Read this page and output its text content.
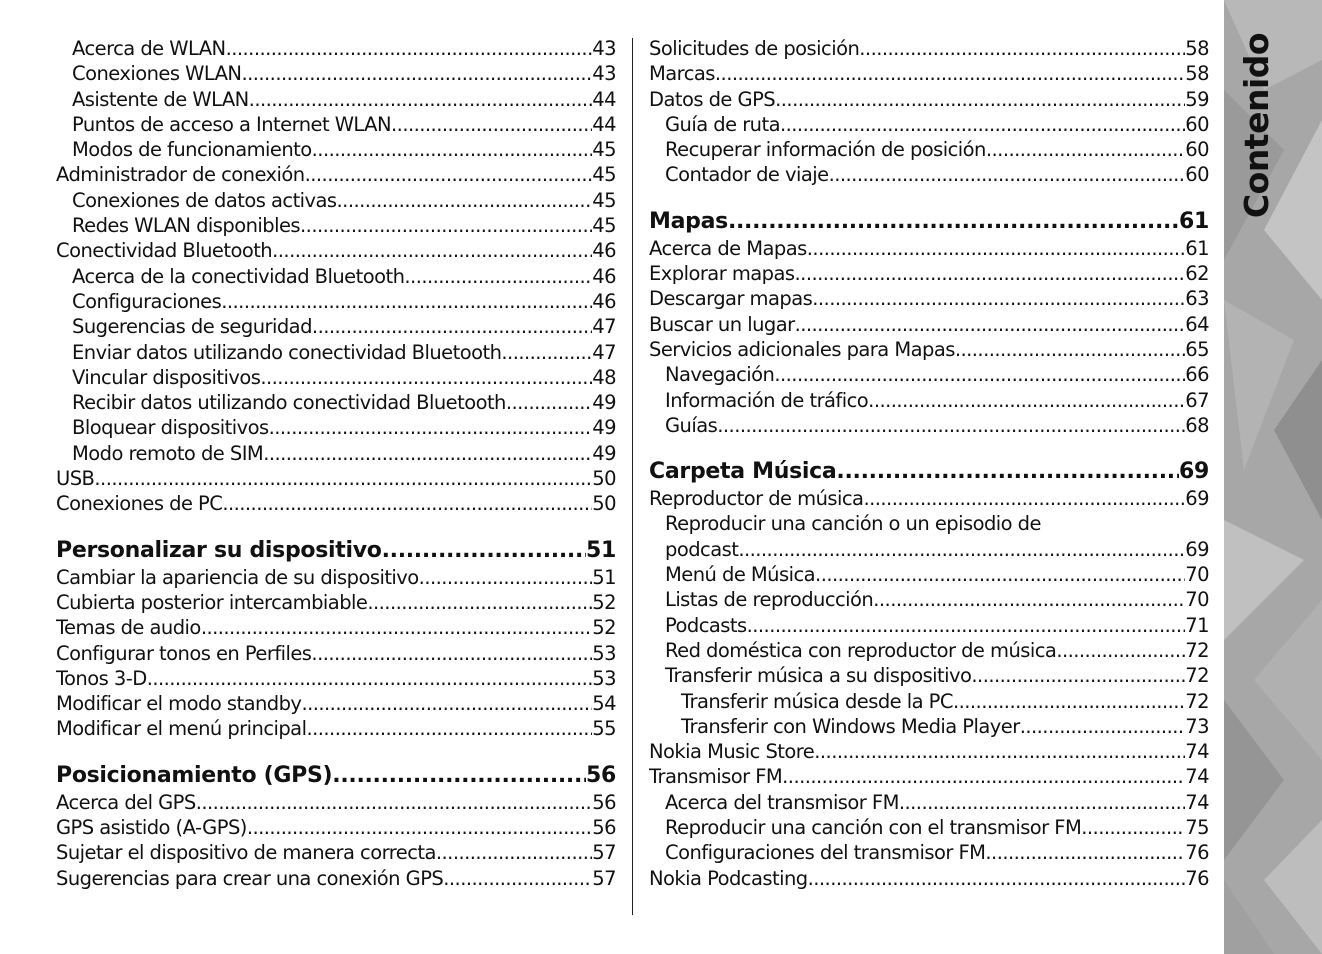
Acerca de WLAN .....	43
Conexiones WLAN .....	43
Asistente de WLAN .....	44
Puntos de acceso a Internet WLAN .....	44
Modos de funcionamiento .....	45
Administrador de conexión .....	45
Conexiones de datos activas .....	45
Redes WLAN disponibles .....	45
Conectividad Bluetooth .....	46
Acerca de la conectividad Bluetooth .....	46
Configuraciones .....	46
Sugerencias de seguridad .....	47
Enviar datos utilizando conectividad Bluetooth .....	47
Vincular dispositivos .....	48
Recibir datos utilizando conectividad Bluetooth .....	49
Bloquear dispositivos .....	49
Modo remoto de SIM .....	49
USB .....	50
Conexiones de PC .....	50
Personalizar su dispositivo .....	51
Cambiar la apariencia de su dispositivo .....	51
Cubierta posterior intercambiable .....	52
Temas de audio .....	52
Configurar tonos en Perfiles .....	53
Tonos 3-D .....	53
Modificar el modo standby .....	54
Modificar el menú principal .....	55
Posicionamiento (GPS) .....	56
Acerca del GPS .....	56
GPS asistido (A-GPS) .....	56
Sujetar el dispositivo de manera correcta .....	57
Sugerencias para crear una conexión GPS .....	57
Solicitudes de posición .....	58
Marcas .....	58
Datos de GPS .....	59
Guía de ruta .....	60
Recuperar información de posición .....	60
Contador de viaje .....	60
Mapas .....	61
Acerca de Mapas .....	61
Explorar mapas .....	62
Descargar mapas .....	63
Buscar un lugar .....	64
Servicios adicionales para Mapas .....	65
Navegación .....	66
Información de tráfico .....	67
Guías .....	68
Carpeta Música .....	69
Reproductor de música .....	69
Reproducir una canción o un episodio de
podcast .....	69
Menú de Música .....	70
Listas de reproducción .....	70
Podcasts .....	71
Red doméstica con reproductor de música .....	72
Transferir música a su dispositivo .....	72
Transferir música desde la PC .....	72
Transferir con Windows Media Player .....	73
Nokia Music Store .....	74
Transmisor FM .....	74
Acerca del transmisor FM .....	74
Reproducir una canción con el transmisor FM .....	75
Configuraciones del transmisor FM .....	76
Nokia Podcasting .....	76
Contenido
